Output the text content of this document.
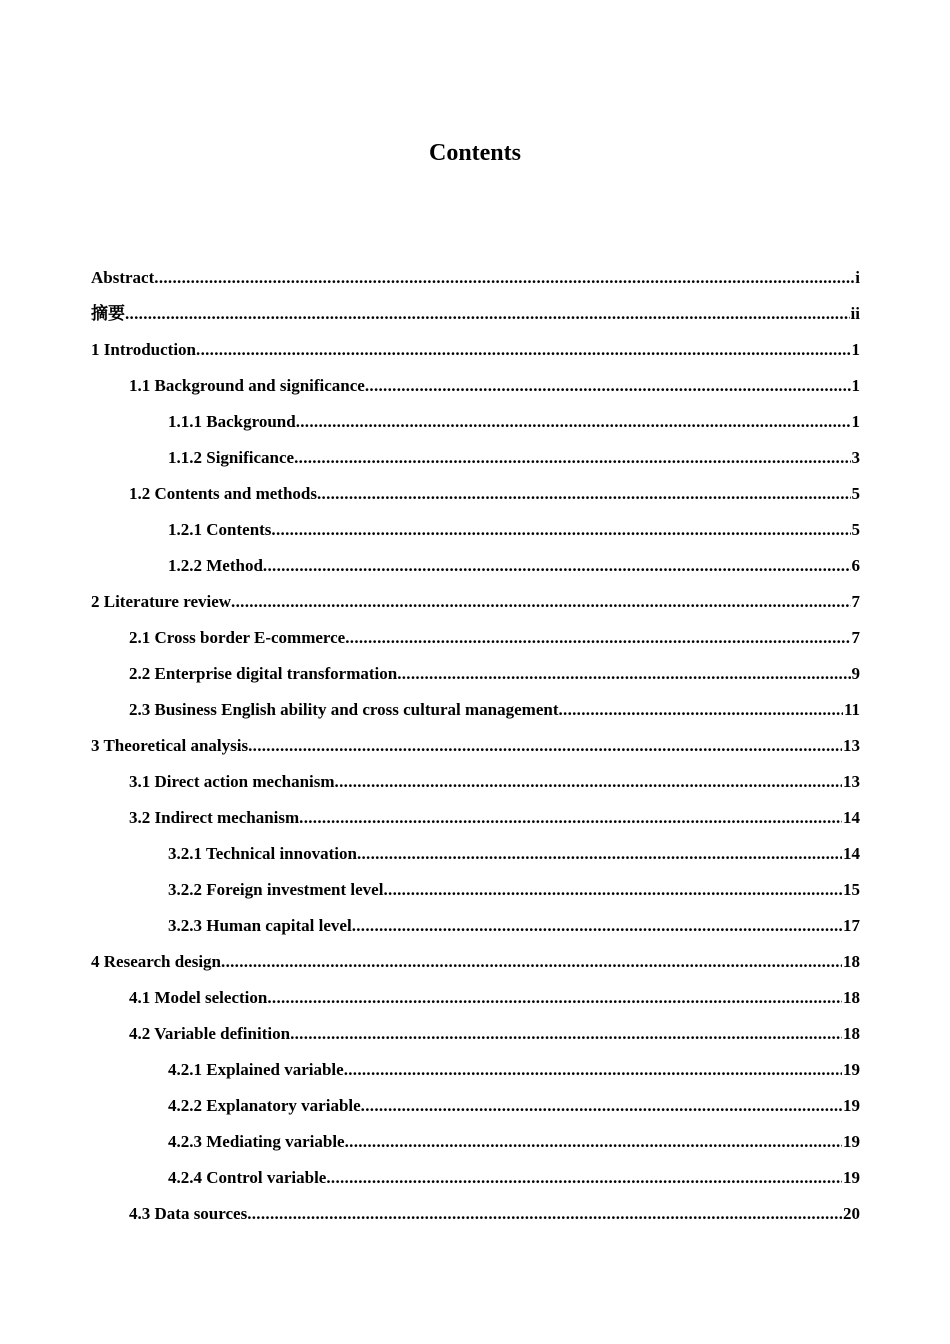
Contents
Abstract .....	i
摘要 .....	ii
1 Introduction .....	1
1.1 Background and significance .....	1
1.1.1 Background .....	1
1.1.2 Significance .....	3
1.2 Contents and methods .....	5
1.2.1 Contents .....	5
1.2.2 Method .....	6
2 Literature review .....	7
2.1 Cross border E-commerce .....	7
2.2 Enterprise digital transformation .....	9
2.3 Business English ability and cross cultural management .....	11
3 Theoretical analysis .....	13
3.1 Direct action mechanism .....	13
3.2 Indirect mechanism .....	14
3.2.1 Technical innovation .....	14
3.2.2 Foreign investment level .....	15
3.2.3 Human capital level .....	17
4 Research design .....	18
4.1 Model selection .....	18
4.2 Variable definition .....	18
4.2.1 Explained variable .....	19
4.2.2 Explanatory variable .....	19
4.2.3 Mediating variable .....	19
4.2.4 Control variable .....	19
4.3 Data sources .....	20
